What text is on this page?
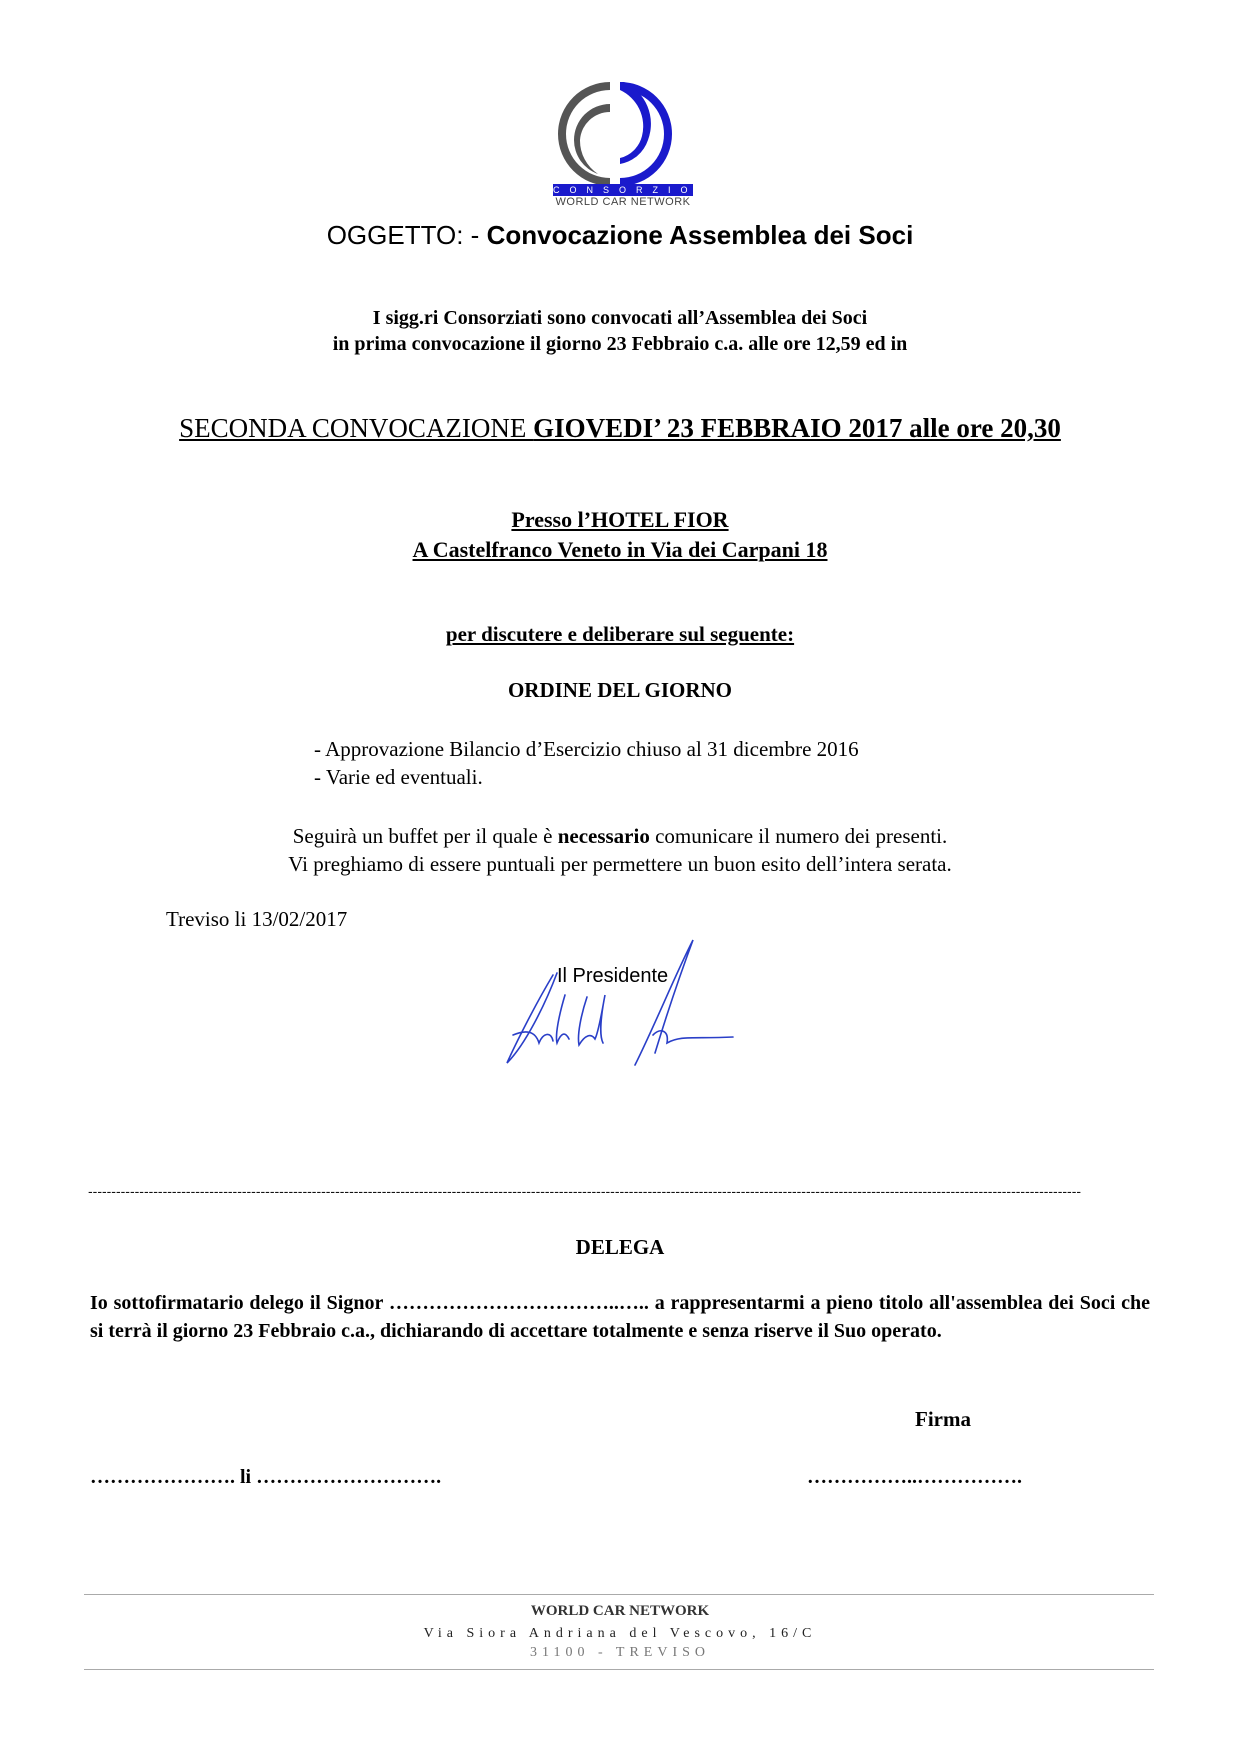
CONSORZIO
WORLD CAR NETWORK
OGGETTO: - Convocazione Assemblea dei Soci
I sigg.ri Consorziati sono convocati all’Assemblea dei Soci
in prima convocazione il giorno 23 Febbraio c.a. alle ore 12,59 ed in
SECONDA CONVOCAZIONE GIOVEDI’ 23 FEBBRAIO 2017 alle ore 20,30
Presso l’HOTEL FIOR
A Castelfranco Veneto in Via dei Carpani 18
per discutere e deliberare sul seguente:
ORDINE DEL GIORNO
- Approvazione Bilancio d’Esercizio chiuso al 31 dicembre 2016
- Varie ed eventuali.
Seguirà un buffet per il quale è necessario comunicare il numero dei presenti.
Vi preghiamo di essere puntuali per permettere un buon esito dell’intera serata.
Treviso li 13/02/2017
Il Presidente
---------------------------------------------------------------------------------------------------------------------------------------------------------------------------------------------------------------------
DELEGA
Io sottofirmatario delego il Signor ……………………………..….. a rappresentarmi a pieno titolo all'assemblea dei Soci che si terrà il giorno 23 Febbraio c.a., dichiarando di accettare totalmente e senza riserve il Suo operato.
Firma
…………………. li ……………………….	……………..…………….
WORLD CAR NETWORK
Via Siora Andriana del Vescovo, 16/C
31100 - TREVISO
